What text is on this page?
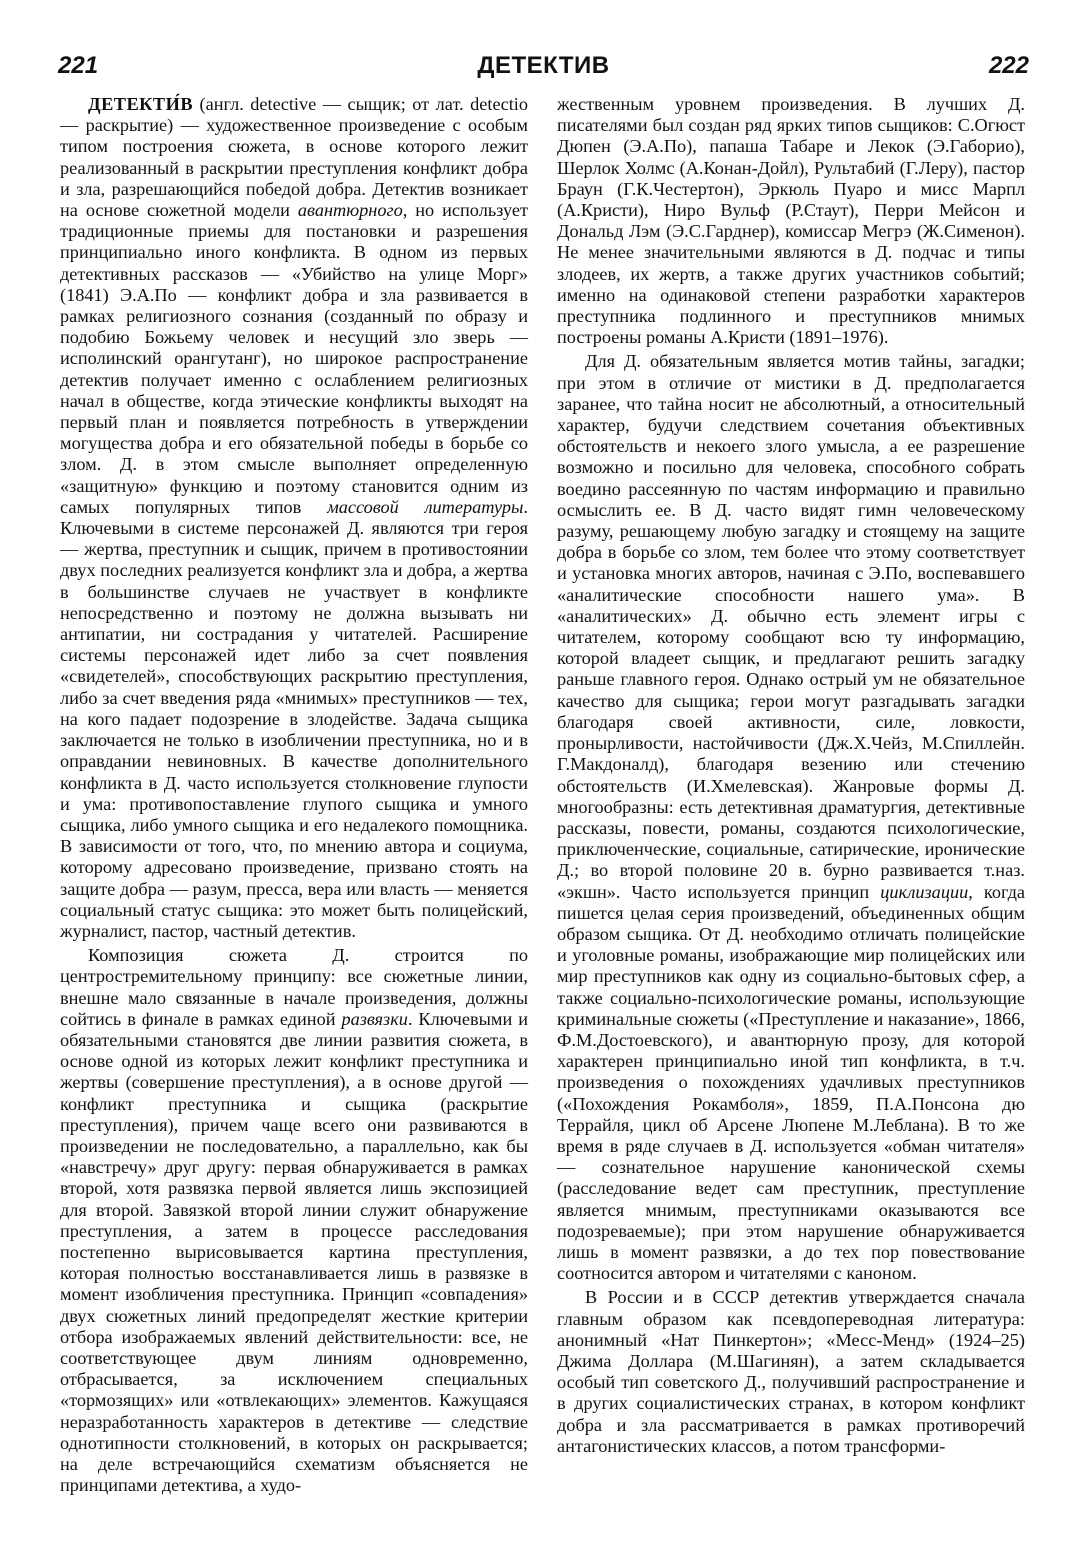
221	ДЕТЕКТИВ	222

ДЕТЕКТИ́В (англ. detective — сыщик; от лат. detectio — раскрытие) — художественное произведение с особым типом построения сюжета, в основе которого лежит реализованный в раскрытии преступления конфликт добра и зла, разрешающийся победой добра. Детектив возникает на основе сюжетной модели авантюрного, но использует традиционные приемы для постановки и разрешения принципиально иного конфликта. В одном из первых детективных рассказов — «Убийство на улице Морг» (1841) Э.А.По — конфликт добра и зла развивается в рамках религиозного сознания (созданный по образу и подобию Божьему человек и несущий зло зверь — исполинский орангутанг), но широкое распространение детектив получает именно с ослаблением религиозных начал в обществе, когда этические конфликты выходят на первый план и появляется потребность в утверждении могущества добра и его обязательной победы в борьбе со злом. Д. в этом смысле выполняет определенную «защитную» функцию и поэтому становится одним из самых популярных типов массовой литературы. Ключевыми в системе персонажей Д. являются три героя — жертва, преступник и сыщик, причем в противостоянии двух последних реализуется конфликт зла и добра, а жертва в большинстве случаев не участвует в конфликте непосредственно и поэтому не должна вызывать ни антипатии, ни сострадания у читателей. Расширение системы персонажей идет либо за счет появления «свидетелей», способствующих раскрытию преступления, либо за счет введения ряда «мнимых» преступников — тех, на кого падает подозрение в злодействе. Задача сыщика заключается не только в изобличении преступника, но и в оправдании невиновных. В качестве дополнительного конфликта в Д. часто используется столкновение глупости и ума: противопоставление глупого сыщика и умного сыщика, либо умного сыщика и его недалекого помощника. В зависимости от того, что, по мнению автора и социума, которому адресовано произведение, призвано стоять на защите добра — разум, пресса, вера или власть — меняется социальный статус сыщика: это может быть полицейский, журналист, пастор, частный детектив.

Композиция сюжета Д. строится по центростремительному принципу: все сюжетные линии, внешне мало связанные в начале произведения, должны сойтись в финале в рамках единой развязки. Ключевыми и обязательными становятся две линии развития сюжета, в основе одной из которых лежит конфликт преступника и жертвы (совершение преступления), а в основе другой — конфликт преступника и сыщика (раскрытие преступления), причем чаще всего они развиваются в произведении не последовательно, а параллельно, как бы «навстречу» друг другу: первая обнаруживается в рамках второй, хотя развязка первой является лишь экспозицией для второй. Завязкой второй линии служит обнаружение преступления, а затем в процессе расследования постепенно вырисовывается картина преступления, которая полностью восстанавливается лишь в развязке в момент изобличения преступника. Принцип «совпадения» двух сюжетных линий предопределят жесткие критерии отбора изображаемых явлений действительности: все, не соответствующее двум линиям одновременно, отбрасывается, за исключением специальных «тормозящих» или «отвлекающих» элементов. Кажущаяся неразработанность характеров в детективе — следствие однотипности столкновений, в которых он раскрывается; на деле встречающийся схематизм объясняется не принципами детектива, а худо-

жественным уровнем произведения. В лучших Д. писателями был создан ряд ярких типов сыщиков: С.Огюст Дюпен (Э.А.По), папаша Табаре и Лекок (Э.Габорио), Шерлок Холмс (А.Конан-Дойл), Рультабий (Г.Леру), пастор Браун (Г.К.Честертон), Эркюль Пуаро и мисс Марпл (А.Кристи), Ниро Вульф (Р.Стаут), Перри Мейсон и Дональд Лэм (Э.С.Гарднер), комиссар Мегрэ (Ж.Сименон). Не менее значительными являются в Д. подчас и типы злодеев, их жертв, а также других участников событий; именно на одинаковой степени разработки характеров преступника подлинного и преступников мнимых построены романы А.Кристи (1891–1976).

Для Д. обязательным является мотив тайны, загадки; при этом в отличие от мистики в Д. предполагается заранее, что тайна носит не абсолютный, а относительный характер, будучи следствием сочетания объективных обстоятельств и некоего злого умысла, а ее разрешение возможно и посильно для человека, способного собрать воедино рассеянную по частям информацию и правильно осмыслить ее. В Д. часто видят гимн человеческому разуму, решающему любую загадку и стоящему на защите добра в борьбе со злом, тем более что этому соответствует и установка многих авторов, начиная с Э.По, воспевавшего «аналитические способности нашего ума». В «аналитических» Д. обычно есть элемент игры с читателем, которому сообщают всю ту информацию, которой владеет сыщик, и предлагают решить загадку раньше главного героя. Однако острый ум не обязательное качество для сыщика; герои могут разгадывать загадки благодаря своей активности, силе, ловкости, пронырливости, настойчивости (Дж.Х.Чейз, М.Спиллейн. Г.Макдоналд), благодаря везению или стечению обстоятельств (И.Хмелевская). Жанровые формы Д. многообразны: есть детективная драматургия, детективные рассказы, повести, романы, создаются психологические, приключенческие, социальные, сатирические, иронические Д.; во второй половине 20 в. бурно развивается т.наз. «экшн». Часто используется принцип циклизации, когда пишется целая серия произведений, объединенных общим образом сыщика. От Д. необходимо отличать полицейские и уголовные романы, изображающие мир полицейских или мир преступников как одну из социально-бытовых сфер, а также социально-психологические романы, использующие криминальные сюжеты («Преступление и наказание», 1866, Ф.М.Достоевского), и авантюрную прозу, для которой характерен принципиально иной тип конфликта, в т.ч. произведения о похождениях удачливых преступников («Похождения Рокамболя», 1859, П.А.Понсона дю Террайля, цикл об Арсене Люпене М.Леблана). В то же время в ряде случаев в Д. используется «обман читателя» — сознательное нарушение канонической схемы (расследование ведет сам преступник, преступление является мнимым, преступниками оказываются все подозреваемые); при этом нарушение обнаруживается лишь в момент развязки, а до тех пор повествование соотносится автором и читателями с каноном.

В России и в СССР детектив утверждается сначала главным образом как псевдопереводная литература: анонимный «Нат Пинкертон»; «Месс-Менд» (1924–25) Джима Доллара (М.Шагинян), а затем складывается особый тип советского Д., получивший распространение и в других социалистических странах, в котором конфликт добра и зла рассматривается в рамках противоречий антагонистических классов, а потом трансформи-
